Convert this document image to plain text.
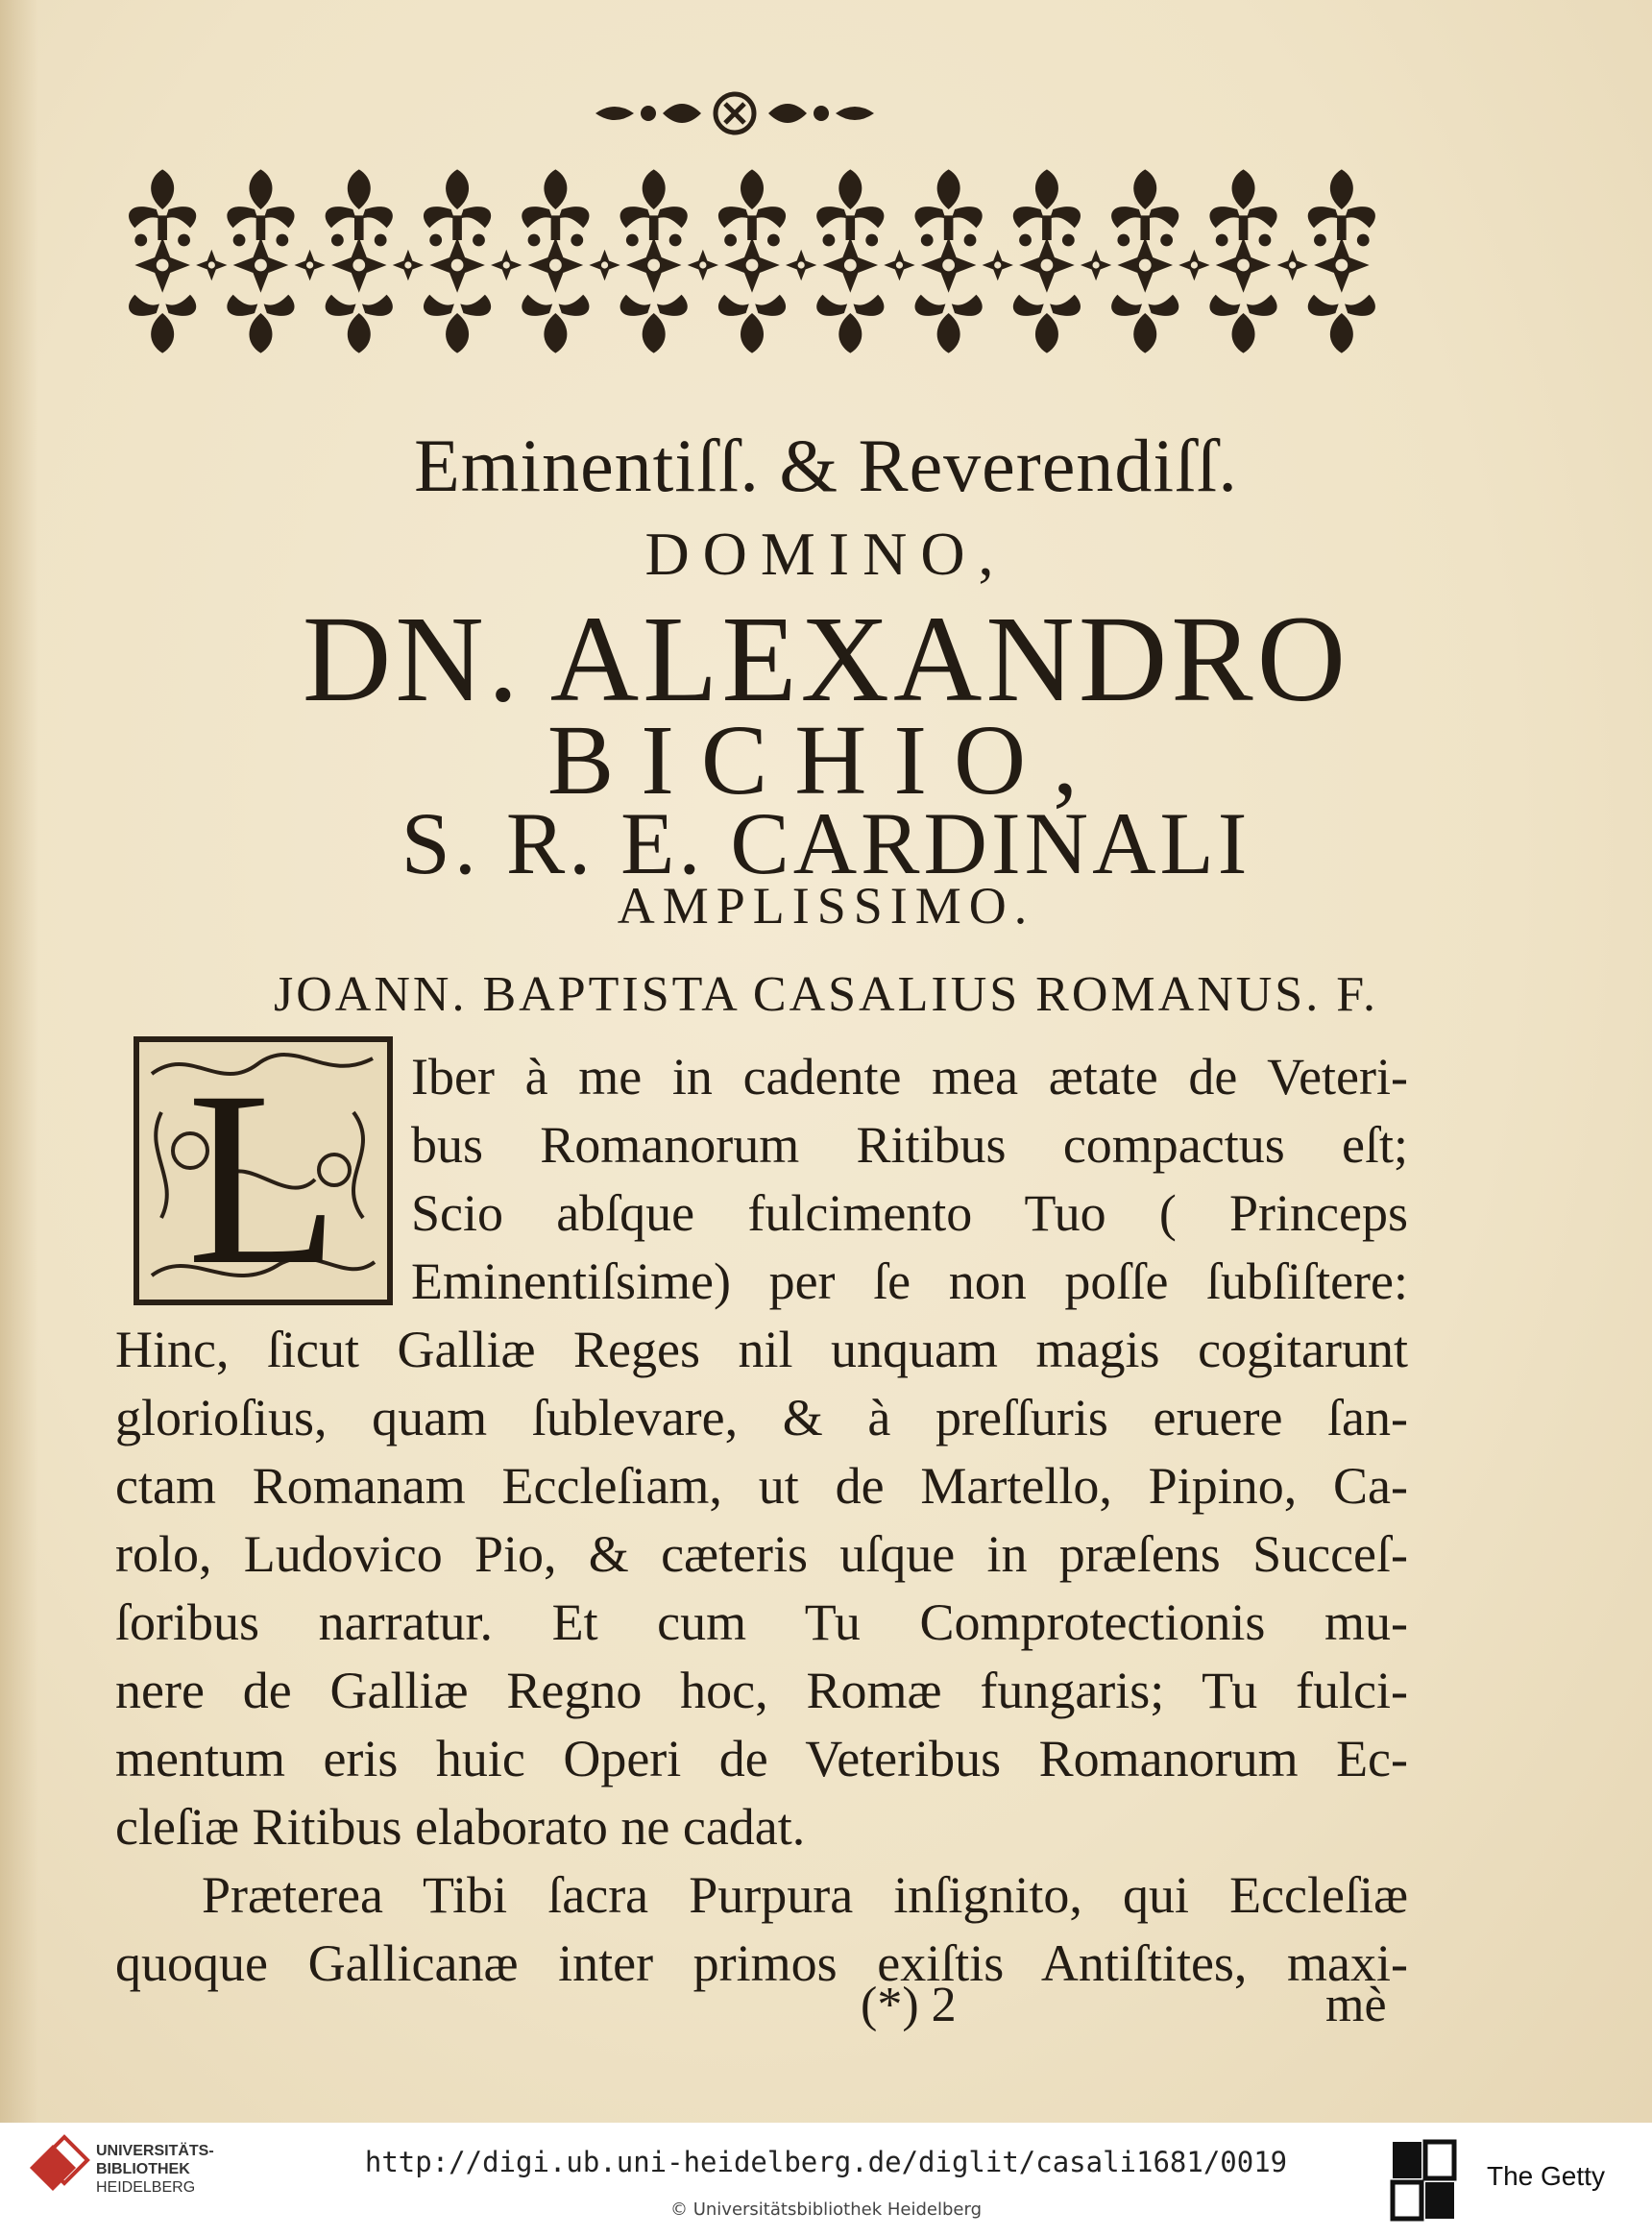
Eminentiſſ. & Reverendiſſ.
DOMINO,
DN. ALEXANDRO
BICHIO,
S. R. E. CARDINALI
AMPLISSIMO.
JOANN. BAPTISTA CASALIUS ROMANUS. F.
L Iber à me in cadente mea ætate de Veteri-
bus Romanorum Ritibus compactus eſt;
Scio abſque fulcimento Tuo ( Princeps
Eminentiſsime) per ſe non poſſe ſubſiſtere:
Hinc, ſicut Galliæ Reges nil unquam magis cogitarunt
glorioſius, quam ſublevare, & à preſſuris eruere ſan-
ctam Romanam Eccleſiam, ut de Martello, Pipino, Ca-
rolo, Ludovico Pio, & cæteris uſque in præſens Succeſ-
ſoribus narratur. Et cum Tu Comprotectionis mu-
nere de Galliæ Regno hoc, Romæ fungaris; Tu fulci-
mentum eris huic Operi de Veteribus Romanorum Ec-
cleſiæ Ritibus elaborato ne cadat.
Præterea Tibi ſacra Purpura inſignito, qui Eccleſiæ
quoque Gallicanæ inter primos exiſtis Antiſtites, maxi-
(*) 2	mè
UNIVERSITÄTS-
BIBLIOTHEK
HEIDELBERG
http://digi.ub.uni-heidelberg.de/diglit/casali1681/0019
© Universitätsbibliothek Heidelberg
The Getty
